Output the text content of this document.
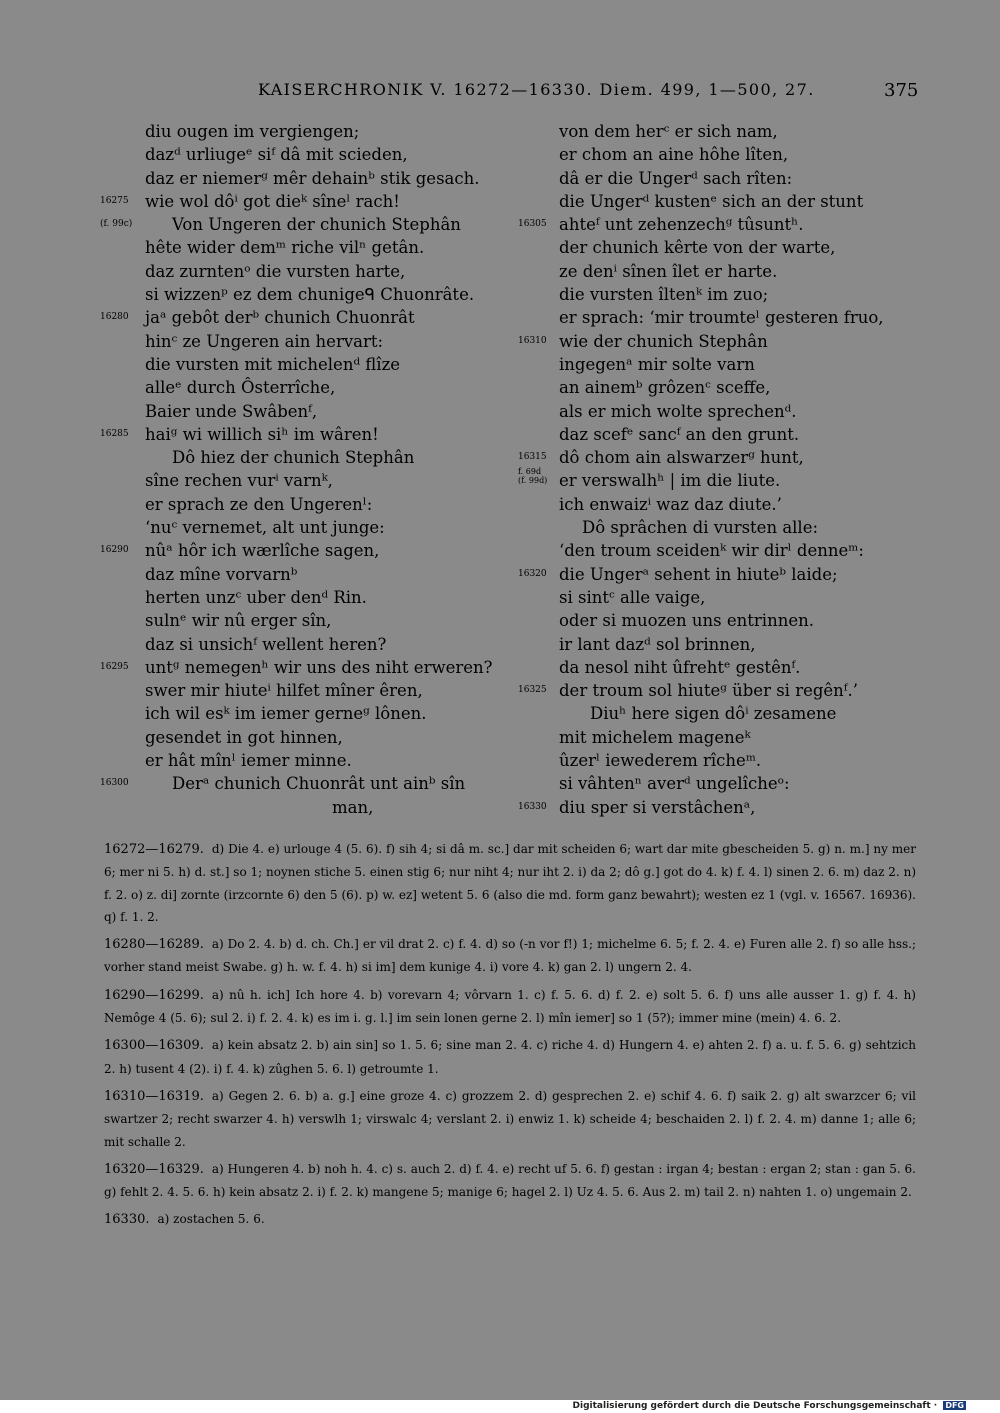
KAISERCHRONIK V. 16272—16330. Diem. 499, 1—500, 27.	375
diu ougen im vergiengen;
dazᵈ urliugeᵉ siᶠ dâ mit scieden,
daz er niemerᵍ mêr dehainᵇ stik gesach.
16275 wie wol dôⁱ got dieᵏ sîneˡ rach!
(f. 99c) Von Ungeren der chunich Stephân
hête wider demᵐ riche vilⁿ getân.
daz zurntenᵒ die vursten harte,
si wizzenᵖ ez dem chunigeᑫ Chuonrâte.
16280 jaᵃ gebôt derᵇ chunich Chuonrât
hinᶜ ze Ungeren ain hervart:
die vursten mit michelenᵈ flîze
alleᵉ durch Ôsterrîche,
Baier unde Swâbenᶠ,
16285 haiᵍ wi willich siʰ im wâren!
Dô hiez der chunich Stephân
sîne rechen vurⁱ varnᵏ,
er sprach ze den Ungerenˡ:
‘nuᶜ vernemet, alt unt junge:
16290 nûᵃ hôr ich wærlîche sagen,
daz mîne vorvarnᵇ
herten unzᶜ uber denᵈ Rin.
sulnᵉ wir nû erger sîn,
daz si unsichᶠ wellent heren?
16295 untᵍ nemegenʰ wir uns des niht erweren?
swer mir hiuteⁱ hilfet mîner êren,
ich wil esᵏ im iemer gerneᵍ lônen.
gesendet in got hinnen,
er hât mînˡ iemer minne.
16300	Derᵃ chunich Chuonrât unt ainᵇ sîn
man,
von dem herᶜ er sich nam,
er chom an aine hôhe lîten,
dâ er die Ungerᵈ sach rîten:
die Ungerᵈ kustenᵉ sich an der stunt
16305 ahteᶠ unt zehenzechᵍ tûsuntʰ.
der chunich kêrte von der warte,
ze denⁱ sînen îlet er harte.
die vursten îltenᵏ im zuo;
er sprach: ‘mir troumteˡ gesteren fruo,
16310 wie der chunich Stephân
ingegenᵃ mir solte varn
an ainemᵇ grôzenᶜ sceffe,
als er mich wolte sprechenᵈ.
daz scefᵉ sancᶠ an den grunt.
16315 dô chom ain alswarzerᵍ hunt,
f. 69d
(f. 99d) er verswalhʰ | im die liute.
ich enwaizⁱ waz daz diute.’
Dô sprâchen di vursten alle:
‘den troum sceidenᵏ wir dirˡ denneᵐ:
16320 die Ungerᵃ sehent in hiuteᵇ laide;
si sintᶜ alle vaige,
oder si muozen uns entrinnen.
ir lant dazᵈ sol brinnen,
da nesol niht ûfrehtᵉ gestênᶠ.
16325 der troum sol hiuteᵍ über si regênᶠ.’
Diuʰ here sigen dôⁱ zesamene
mit michelem mageneᵏ
ûzerˡ iewederem rîcheᵐ.
si vâhtenⁿ averᵈ ungelîcheᵒ:
16330 diu sper si verstâchenᵃ,
16272—16279. d) Die 4. e) urlouge 4 (5. 6). f) sih 4; si dâ m. sc.] dar mit scheiden 6; wart dar mite gbescheiden 5. g) n. m.] ny mer 6; mer ni 5. h) d. st.] so 1; noynen stiche 5. einen stig 6; nur niht 4; nur iht 2. i) da 2; dô g.] got do 4. k) f. 4. l) sinen 2. 6. m) daz 2. n) f. 2. o) z. di] zornte (irzcornte 6) den 5 (6). p) w. ez] wetent 5. 6 (also die md. form ganz bewahrt); westen ez 1 (vgl. v. 16567. 16936). q) f. 1. 2.
16280—16289. a) Do 2. 4. b) d. ch. Ch.] er vil drat 2. c) f. 4. d) so (-n vor f!) 1; michelme 6. 5; f. 2. 4. e) Furen alle 2. f) so alle hss.; vorher stand meist Swabe. g) h. w. f. 4. h) si im] dem kunige 4. i) vore 4. k) gan 2. l) ungern 2. 4.
16290—16299. a) nû h. ich] Ich hore 4. b) vorevarn 4; vôrvarn 1. c) f. 5. 6. d) f. 2. e) solt 5. 6. f) uns alle ausser 1. g) f. 4. h) Nemôge 4 (5. 6); sul 2. i) f. 2. 4. k) es im i. g. l.] im sein lonen gerne 2. l) mîn iemer] so 1 (5?); immer mine (mein) 4. 6. 2.
16300—16309. a) kein absatz 2. b) ain sin] so 1. 5. 6; sine man 2. 4. c) riche 4. d) Hungern 4. e) ahten 2. f) a. u. f. 5. 6. g) sehtzich 2. h) tusent 4 (2). i) f. 4. k) zûghen 5. 6. l) getroumte 1.
16310—16319. a) Gegen 2. 6. b) a. g.] eine groze 4. c) grozzem 2. d) gesprechen 2. e) schif 4. 6. f) saik 2. g) alt swarzcer 6; vil swartzer 2; recht swarzer 4. h) verswlh 1; virswalc 4; verslant 2. i) enwiz 1. k) scheide 4; beschaiden 2. l) f. 2. 4. m) danne 1; alle 6; mit schalle 2.
16320—16329. a) Hungeren 4. b) noh h. 4. c) s. auch 2. d) f. 4. e) recht uf 5. 6. f) gestan : irgan 4; bestan : ergan 2; stan : gan 5. 6. g) fehlt 2. 4. 5. 6. h) kein absatz 2. i) f. 2. k) mangene 5; manige 6; hagel 2. l) Uz 4. 5. 6. Aus 2. m) tail 2. n) nahten 1. o) ungemain 2.
16330. a) zostachen 5. 6.
Digitalisierung gefördert durch die Deutsche Forschungsgemeinschaft · DFG
